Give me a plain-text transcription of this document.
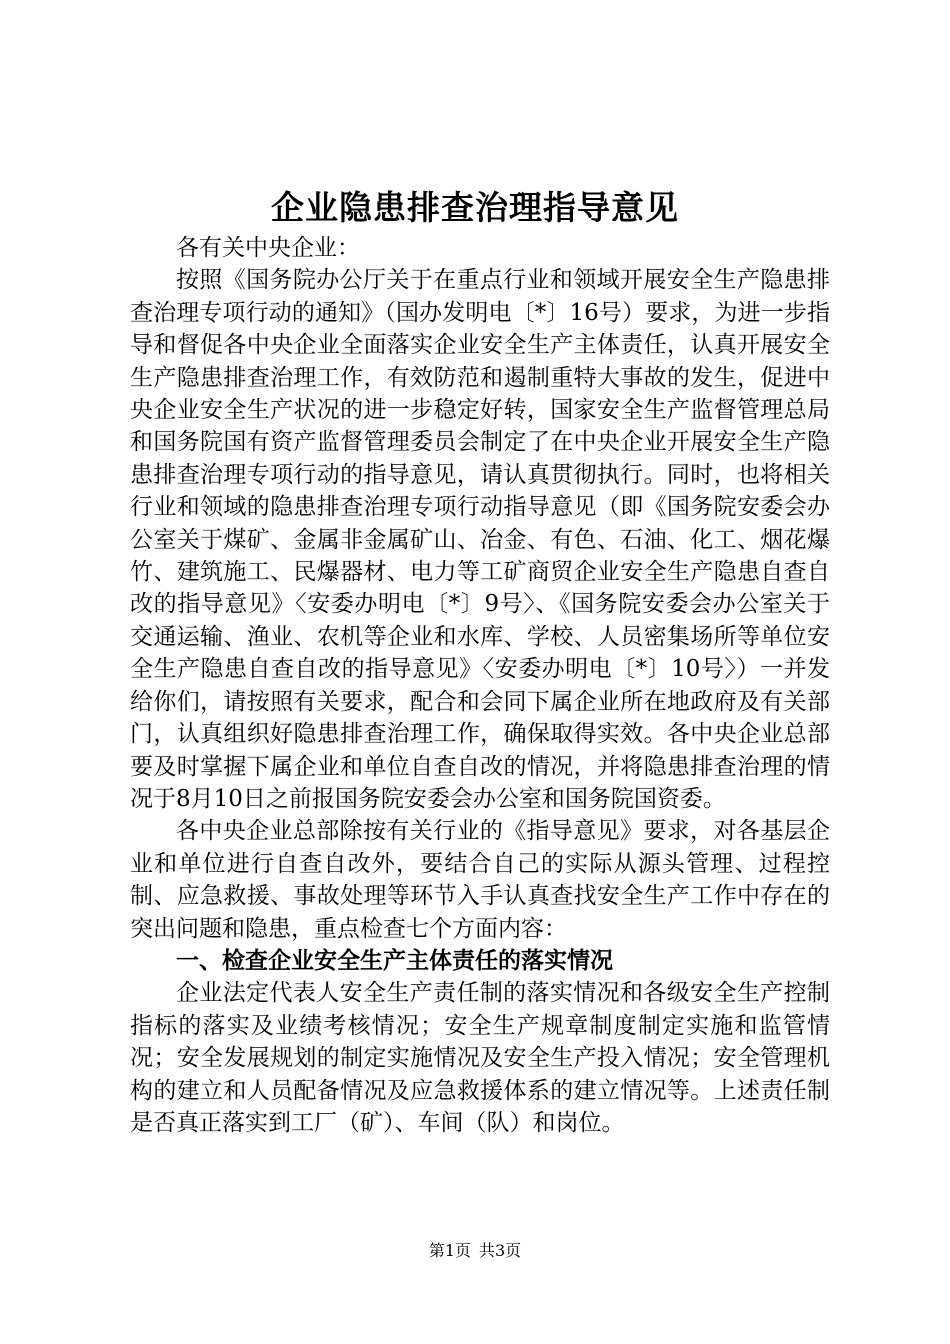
企业隐患排查治理指导意见

各有关中央企业：

按照《国务院办公厅关于在重点行业和领域开展安全生产隐患排查治理专项行动的通知》（国办发明电〔*〕16号）要求，为进一步指导和督促各中央企业全面落实企业安全生产主体责任，认真开展安全生产隐患排查治理工作，有效防范和遏制重特大事故的发生，促进中央企业安全生产状况的进一步稳定好转，国家安全生产监督管理总局和国务院国有资产监督管理委员会制定了在中央企业开展安全生产隐患排查治理专项行动的指导意见，请认真贯彻执行。同时，也将相关行业和领域的隐患排查治理专项行动指导意见（即《国务院安委会办公室关于煤矿、金属非金属矿山、冶金、有色、石油、化工、烟花爆竹、建筑施工、民爆器材、电力等工矿商贸企业安全生产隐患自查自改的指导意见》〈安委办明电〔*〕9号〉、《国务院安委会办公室关于交通运输、渔业、农机等企业和水库、学校、人员密集场所等单位安全生产隐患自查自改的指导意见》〈安委办明电〔*〕10号〉）一并发给你们，请按照有关要求，配合和会同下属企业所在地政府及有关部门，认真组织好隐患排查治理工作，确保取得实效。各中央企业总部要及时掌握下属企业和单位自查自改的情况，并将隐患排查治理的情况于8月10日之前报国务院安委会办公室和国务院国资委。

各中央企业总部除按有关行业的《指导意见》要求，对各基层企业和单位进行自查自改外，要结合自己的实际从源头管理、过程控制、应急救援、事故处理等环节入手认真查找安全生产工作中存在的突出问题和隐患，重点检查七个方面内容：

一、检查企业安全生产主体责任的落实情况

企业法定代表人安全生产责任制的落实情况和各级安全生产控制指标的落实及业绩考核情况；安全生产规章制度制定实施和监管情况；安全发展规划的制定实施情况及安全生产投入情况；安全管理机构的建立和人员配备情况及应急救援体系的建立情况等。上述责任制是否真正落实到工厂（矿）、车间（队）和岗位。

第1页 共3页
